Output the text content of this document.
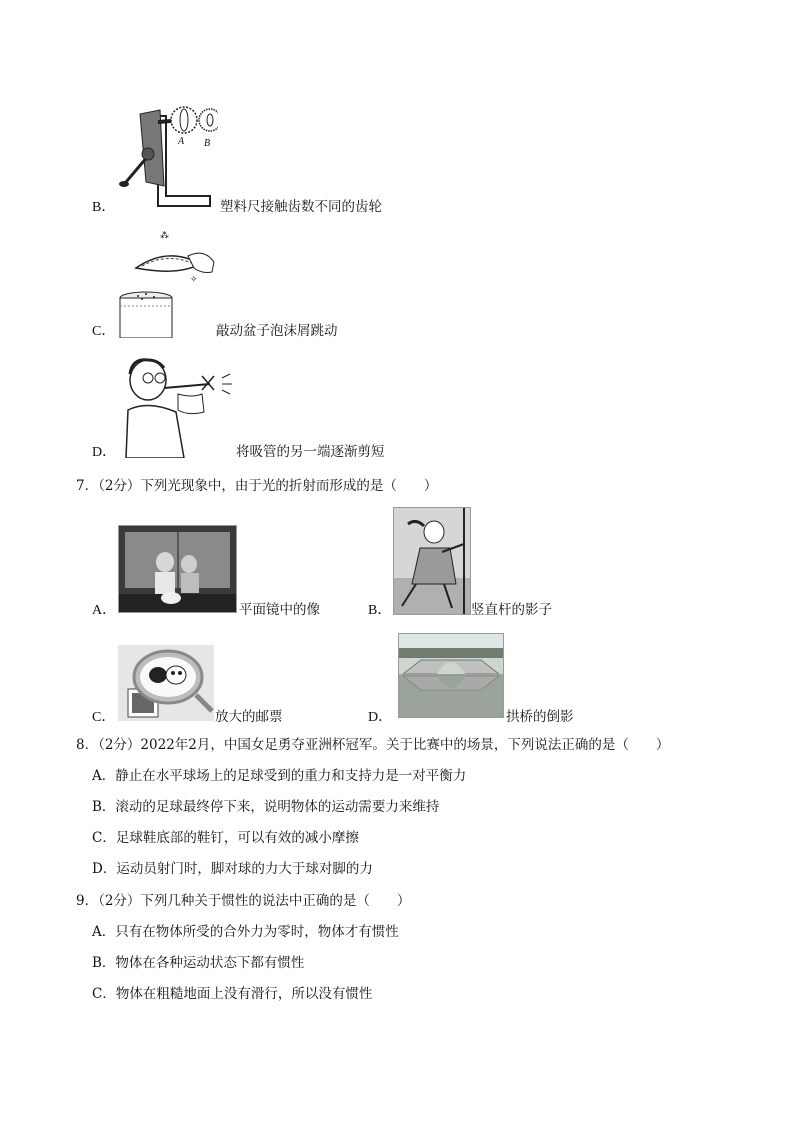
A B
B．	塑料尺接触齿数不同的齿轮
⁂
✧
C．	敲动盆子泡沫屑跳动
D．	将吸管的另一端逐渐剪短
7．（2分）下列光现象中，由于光的折射而形成的是（　　）
A．	平面镜中的像	B．	竖直杆的影子
C．	放大的邮票	D．	拱桥的倒影
8．（2分）2022年2月，中国女足勇夺亚洲杯冠军。关于比赛中的场景，下列说法正确的是（　　）
A．静止在水平球场上的足球受到的重力和支持力是一对平衡力
B．滚动的足球最终停下来，说明物体的运动需要力来维持
C．足球鞋底部的鞋钉，可以有效的减小摩擦
D．运动员射门时，脚对球的力大于球对脚的力
9．（2分）下列几种关于惯性的说法中正确的是（　　）
A．只有在物体所受的合外力为零时，物体才有惯性
B．物体在各种运动状态下都有惯性
C．物体在粗糙地面上没有滑行，所以没有惯性
